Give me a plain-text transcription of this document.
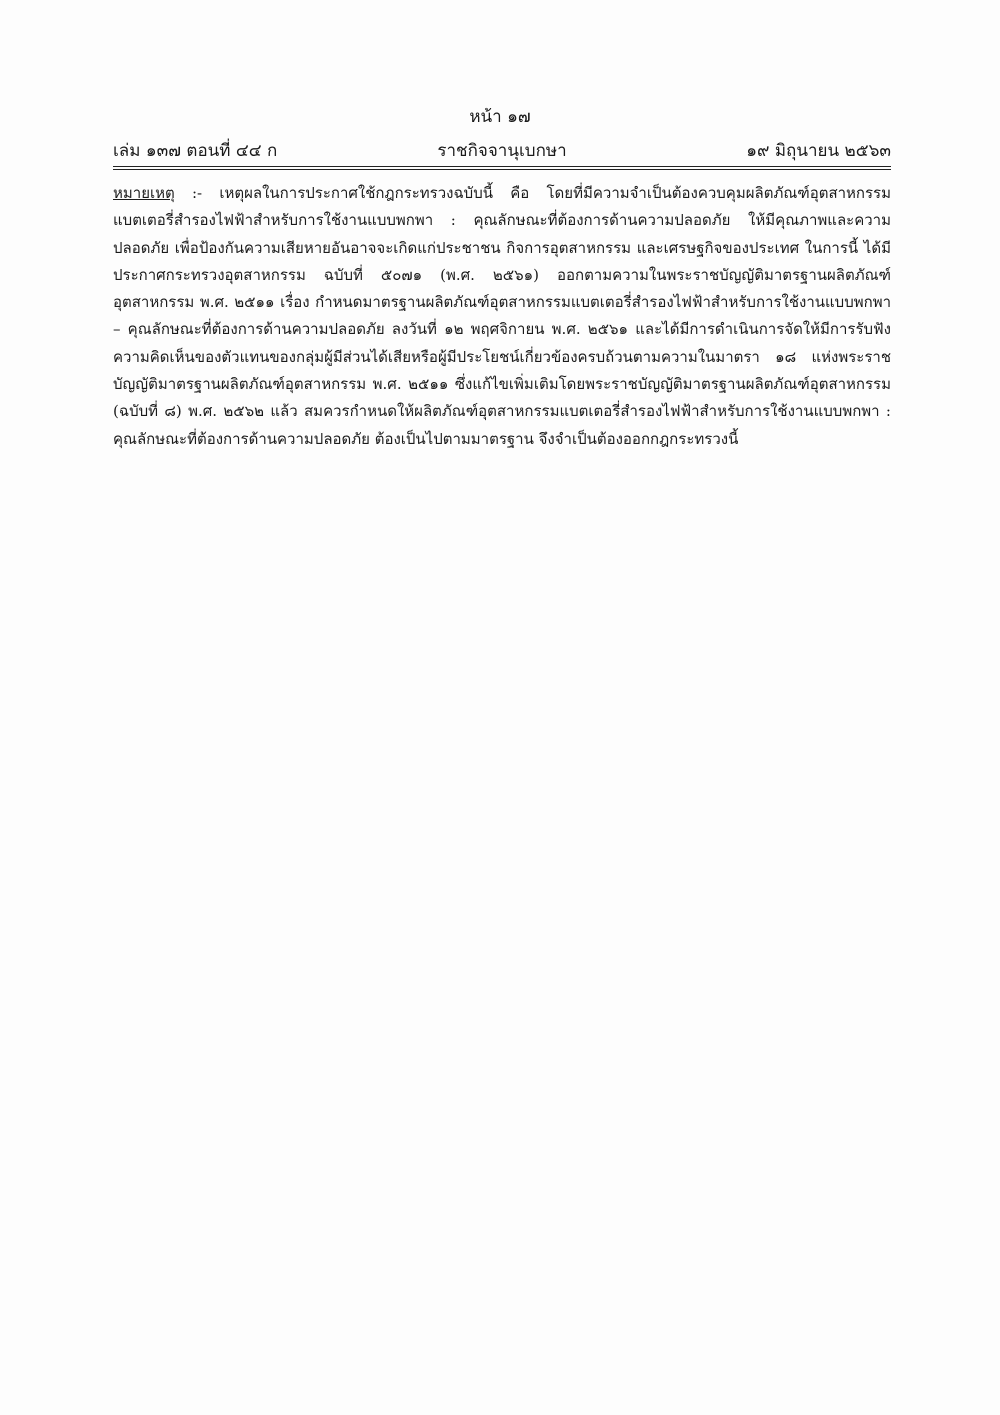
หน้า ๑๗
เล่ม ๑๓๗ ตอนที่ ๔๔ ก	ราชกิจจานุเบกษา	๑๙ มิถุนายน ๒๕๖๓
หมายเหตุ :- เหตุผลในการประกาศใช้กฎกระทรวงฉบับนี้ คือ โดยที่มีความจำเป็นต้องควบคุมผลิตภัณฑ์อุตสาหกรรมแบตเตอรี่สำรองไฟฟ้าสำหรับการใช้งานแบบพกพา : คุณลักษณะที่ต้องการด้านความปลอดภัย ให้มีคุณภาพและความปลอดภัย เพื่อป้องกันความเสียหายอันอาจจะเกิดแก่ประชาชน กิจการอุตสาหกรรม และเศรษฐกิจของประเทศ ในการนี้ ได้มีประกาศกระทรวงอุตสาหกรรม ฉบับที่ ๕๐๗๑ (พ.ศ. ๒๕๖๑) ออกตามความในพระราชบัญญัติมาตรฐานผลิตภัณฑ์อุตสาหกรรม พ.ศ. ๒๕๑๑ เรื่อง กำหนดมาตรฐานผลิตภัณฑ์อุตสาหกรรมแบตเตอรี่สำรองไฟฟ้าสำหรับการใช้งานแบบพกพา – คุณลักษณะที่ต้องการด้านความปลอดภัย ลงวันที่ ๑๒ พฤศจิกายน พ.ศ. ๒๕๖๑ และได้มีการดำเนินการจัดให้มีการรับฟังความคิดเห็นของตัวแทนของกลุ่มผู้มีส่วนได้เสียหรือผู้มีประโยชน์เกี่ยวข้องครบถ้วนตามความในมาตรา ๑๘ แห่งพระราชบัญญัติมาตรฐานผลิตภัณฑ์อุตสาหกรรม พ.ศ. ๒๕๑๑ ซึ่งแก้ไขเพิ่มเติมโดยพระราชบัญญัติมาตรฐานผลิตภัณฑ์อุตสาหกรรม (ฉบับที่ ๘) พ.ศ. ๒๕๖๒ แล้ว สมควรกำหนดให้ผลิตภัณฑ์อุตสาหกรรมแบตเตอรี่สำรองไฟฟ้าสำหรับการใช้งานแบบพกพา : คุณลักษณะที่ต้องการด้านความปลอดภัย ต้องเป็นไปตามมาตรฐาน จึงจำเป็นต้องออกกฎกระทรวงนี้
